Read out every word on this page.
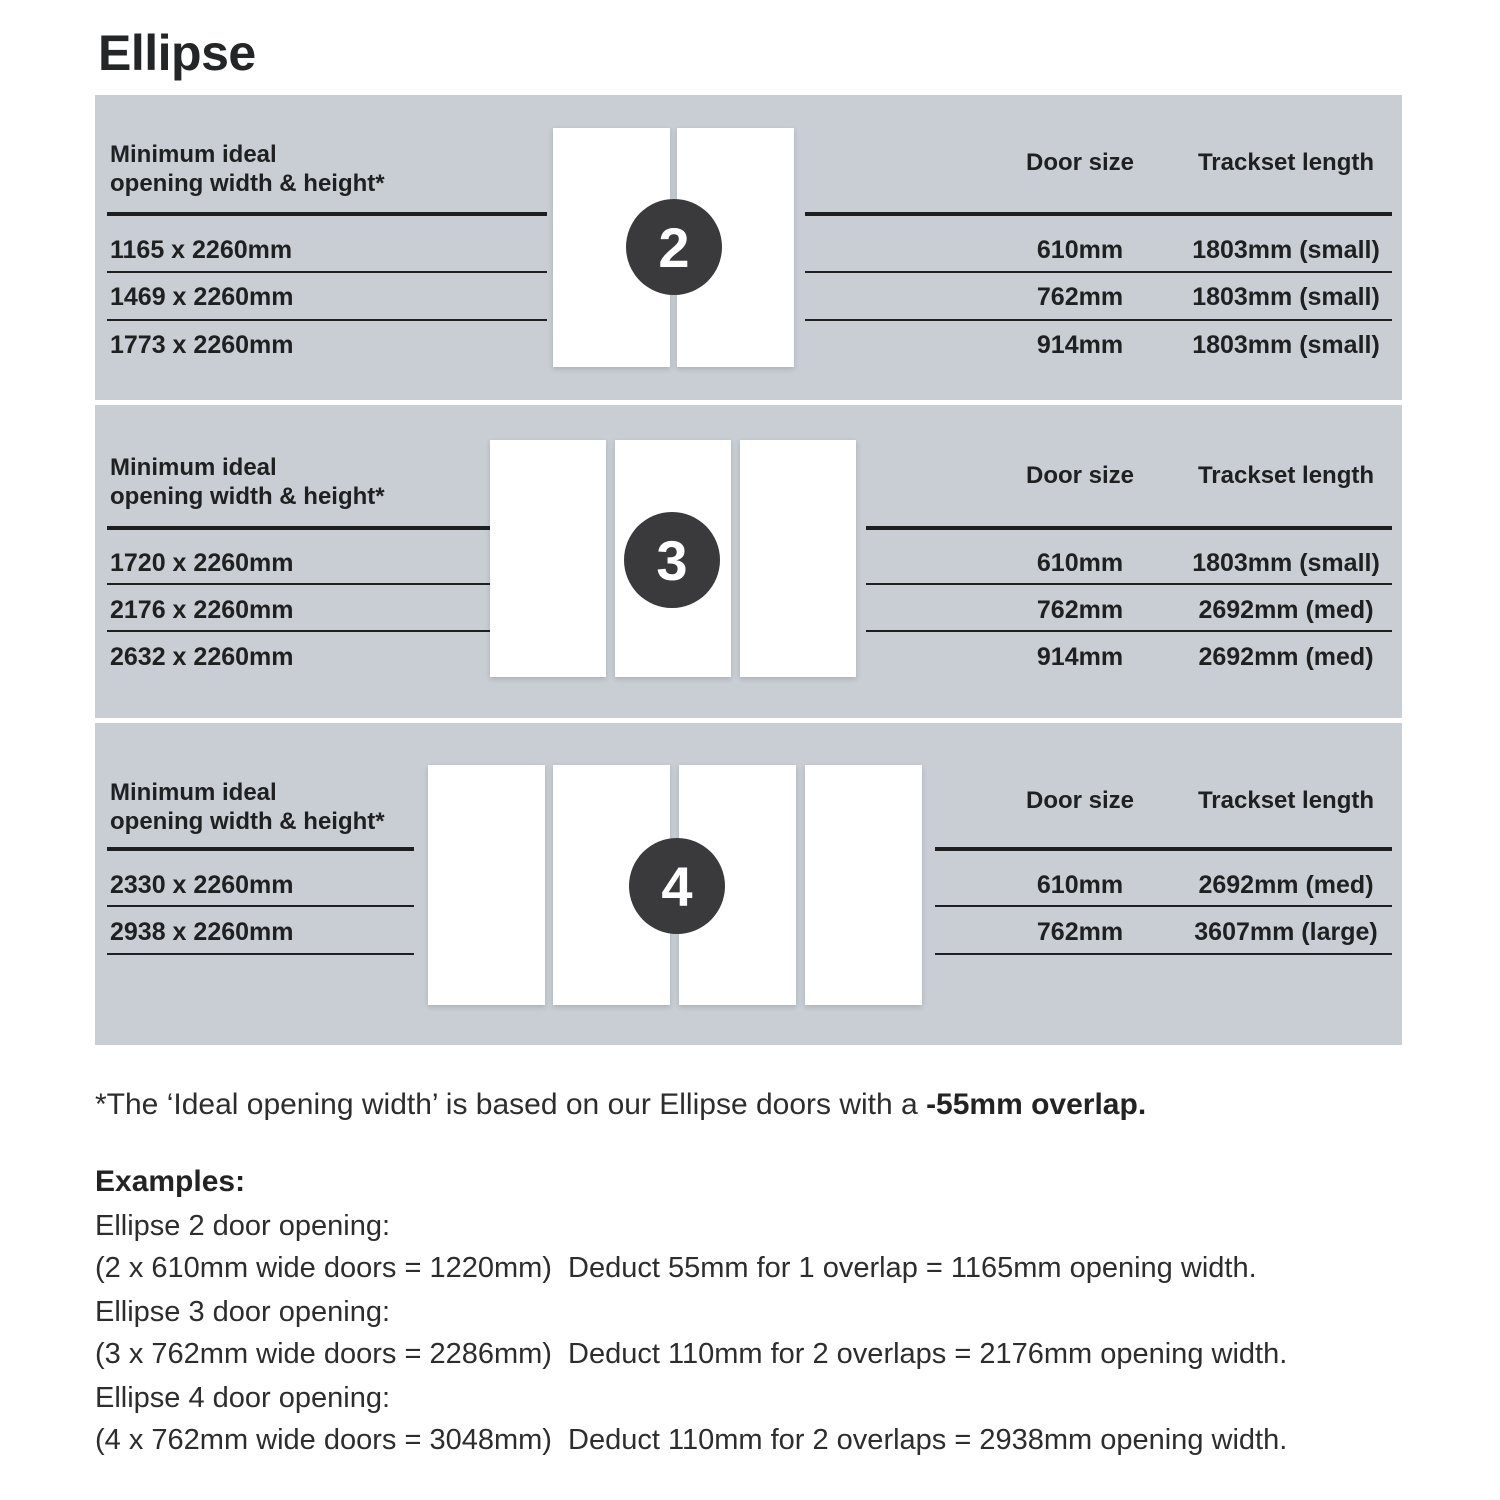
Ellipse
Minimum ideal
opening width & height*
Door size	Trackset length
1165 x 2260mm	610mm	1803mm (small)
1469 x 2260mm	762mm	1803mm (small)
1773 x 2260mm	914mm	1803mm (small)
2
Minimum ideal
opening width & height*
Door size	Trackset length
1720 x 2260mm	610mm	1803mm (small)
2176 x 2260mm	762mm	2692mm (med)
2632 x 2260mm	914mm	2692mm (med)
3
Minimum ideal
opening width & height*
Door size	Trackset length
2330 x 2260mm	610mm	2692mm (med)
2938 x 2260mm	762mm	3607mm (large)
4

*The ‘Ideal opening width’ is based on our Ellipse doors with a -55mm overlap.

Examples:

Ellipse 2 door opening:

(2 x 610mm wide doors = 1220mm)  Deduct 55mm for 1 overlap = 1165mm opening width.

Ellipse 3 door opening:

(3 x 762mm wide doors = 2286mm)  Deduct 110mm for 2 overlaps = 2176mm opening width.

Ellipse 4 door opening:

(4 x 762mm wide doors = 3048mm)  Deduct 110mm for 2 overlaps = 2938mm opening width.
